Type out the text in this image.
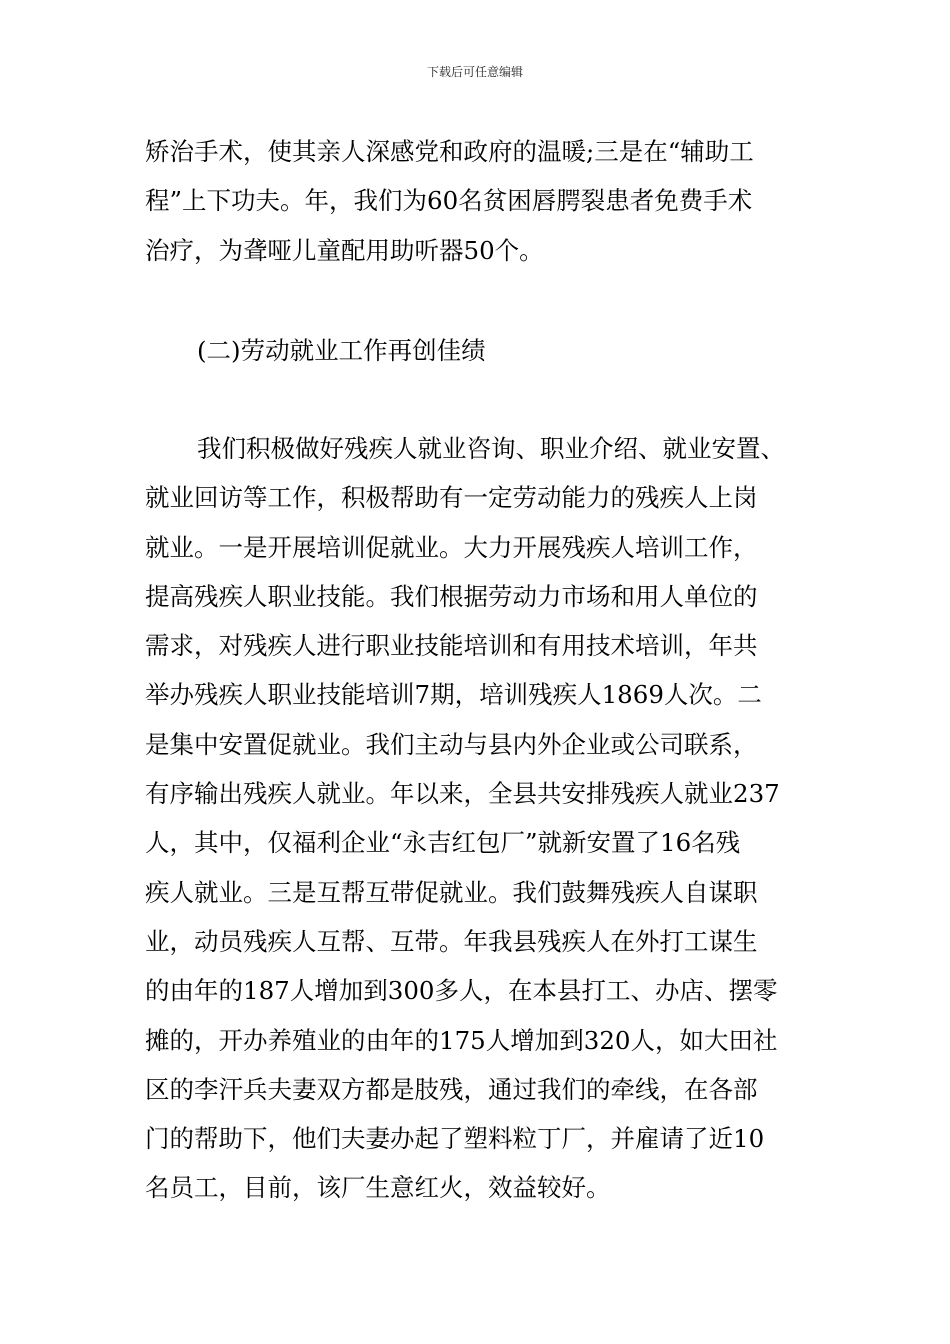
下载后可任意编辑
矫治手术，使其亲人深感党和政府的温暖;三是在“辅助工
程”上下功夫。年，我们为60名贫困唇腭裂患者免费手术
治疗，为聋哑儿童配用助听器50个。
(二)劳动就业工作再创佳绩
我们积极做好残疾人就业咨询、职业介绍、就业安置、
就业回访等工作，积极帮助有一定劳动能力的残疾人上岗
就业。一是开展培训促就业。大力开展残疾人培训工作，
提高残疾人职业技能。我们根据劳动力市场和用人单位的
需求，对残疾人进行职业技能培训和有用技术培训，年共
举办残疾人职业技能培训7期，培训残疾人1869人次。二
是集中安置促就业。我们主动与县内外企业或公司联系，
有序输出残疾人就业。年以来，全县共安排残疾人就业237
人，其中，仅福利企业“永吉红包厂”就新安置了16名残
疾人就业。三是互帮互带促就业。我们鼓舞残疾人自谋职
业，动员残疾人互帮、互带。年我县残疾人在外打工谋生
的由年的187人增加到300多人，在本县打工、办店、摆零
摊的，开办养殖业的由年的175人增加到320人，如大田社
区的李汗兵夫妻双方都是肢残，通过我们的牵线，在各部
门的帮助下，他们夫妻办起了塑料粒丁厂，并雇请了近10
名员工，目前，该厂生意红火，效益较好。
